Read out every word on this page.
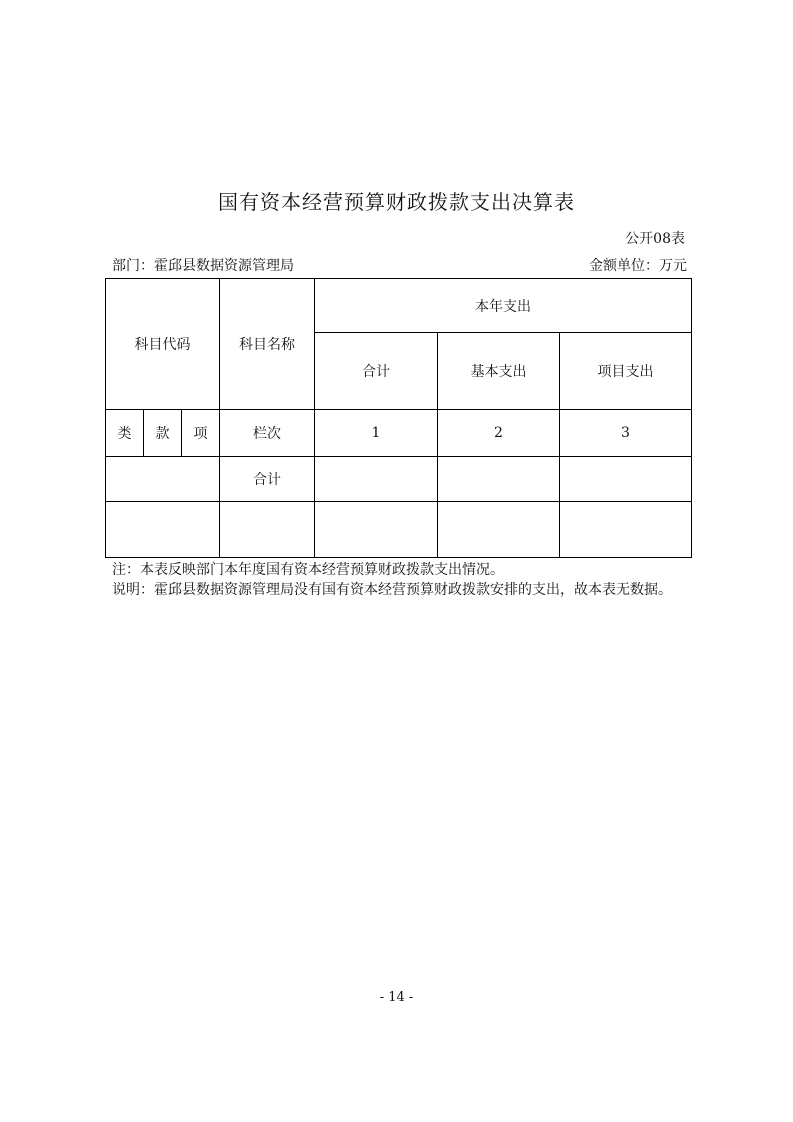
国有资本经营预算财政拨款支出决算表
公开08表
部门：霍邱县数据资源管理局	金额单位：万元
科目代码			科目名称	本年支出		
				合计	基本支出	项目支出
类	款	项	栏次	1	2	3
			合计			

注：本表反映部门本年度国有资本经营预算财政拨款支出情况。
说明：霍邱县数据资源管理局没有国有资本经营预算财政拨款安排的支出，故本表无数据。
- 14 -
